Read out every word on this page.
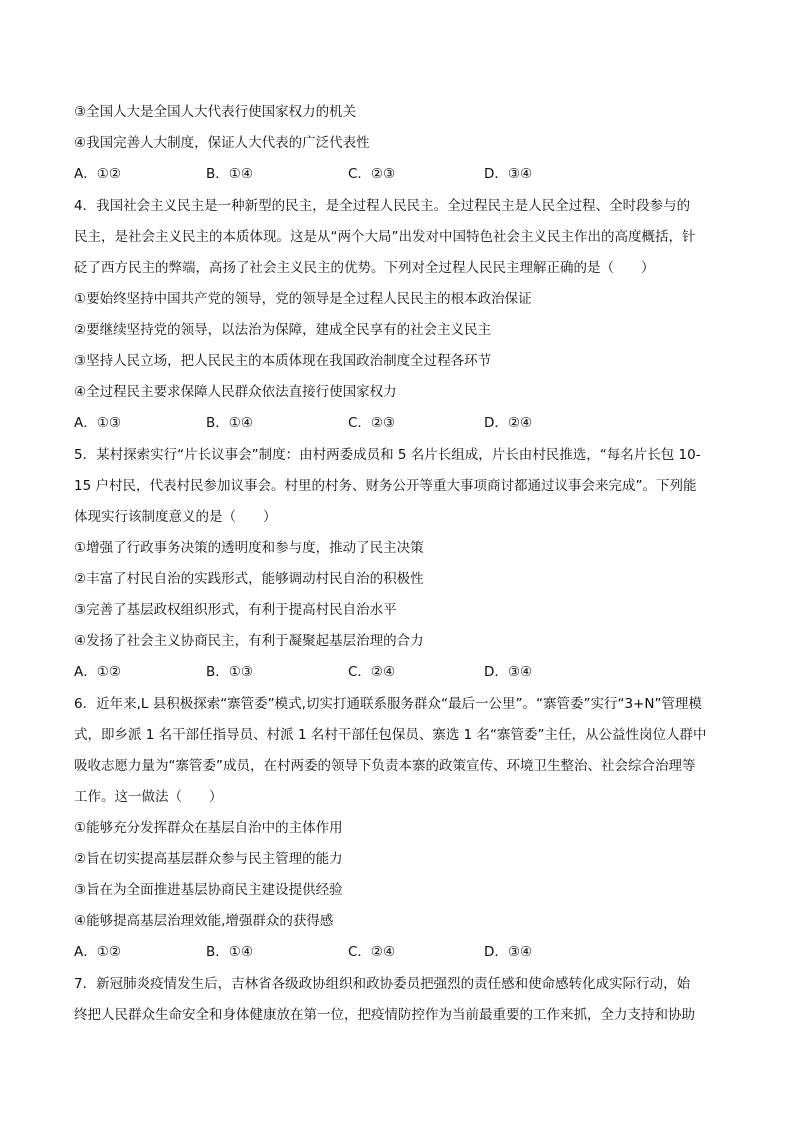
③全国人大是全国人大代表行使国家权力的机关
④我国完善人大制度，保证人大代表的广泛代表性
A．①②	B．①④	C．②③	D．③④
4．我国社会主义民主是一种新型的民主，是全过程人民民主。全过程民主是人民全过程、全时段参与的
民主，是社会主义民主的本质体现。这是从“两个大局”出发对中国特色社会主义民主作出的高度概括，针
砭了西方民主的弊端，高扬了社会主义民主的优势。下列对全过程人民民主理解正确的是（　　）
①要始终坚持中国共产党的领导，党的领导是全过程人民民主的根本政治保证
②要继续坚持党的领导，以法治为保障，建成全民享有的社会主义民主
③坚持人民立场，把人民民主的本质体现在我国政治制度全过程各环节
④全过程民主要求保障人民群众依法直接行使国家权力
A．①③	B．①④	C．②③	D．②④
5．某村探索实行“片长议事会”制度：由村两委成员和 5 名片长组成，片长由村民推选，“每名片长包 10-
15 户村民，代表村民参加议事会。村里的村务、财务公开等重大事项商讨都通过议事会来完成”。下列能
体现实行该制度意义的是（　　）
①增强了行政事务决策的透明度和参与度，推动了民主决策
②丰富了村民自治的实践形式，能够调动村民自治的积极性
③完善了基层政权组织形式，有利于提高村民自治水平
④发扬了社会主义协商民主，有利于凝聚起基层治理的合力
A．①②	B．①③	C．②④	D．③④
6．近年来,L 县积极探索“寨管委”模式,切实打通联系服务群众“最后一公里”。“寨管委”实行“3+N”管理模
式，即乡派 1 名干部任指导员、村派 1 名村干部任包保员、寨选 1 名“寨管委”主任，从公益性岗位人群中
吸收志愿力量为“寨管委”成员，在村两委的领导下负责本寨的政策宣传、环境卫生整治、社会综合治理等
工作。这一做法（　　）
①能够充分发挥群众在基层自治中的主体作用
②旨在切实提高基层群众参与民主管理的能力
③旨在为全面推进基层协商民主建设提供经验
④能够提高基层治理效能,增强群众的获得感
A．①②	B．①④	C．②④	D．③④
7．新冠肺炎疫情发生后，吉林省各级政协组织和政协委员把强烈的责任感和使命感转化成实际行动，始
终把人民群众生命安全和身体健康放在第一位，把疫情防控作为当前最重要的工作来抓，全力支持和协助
